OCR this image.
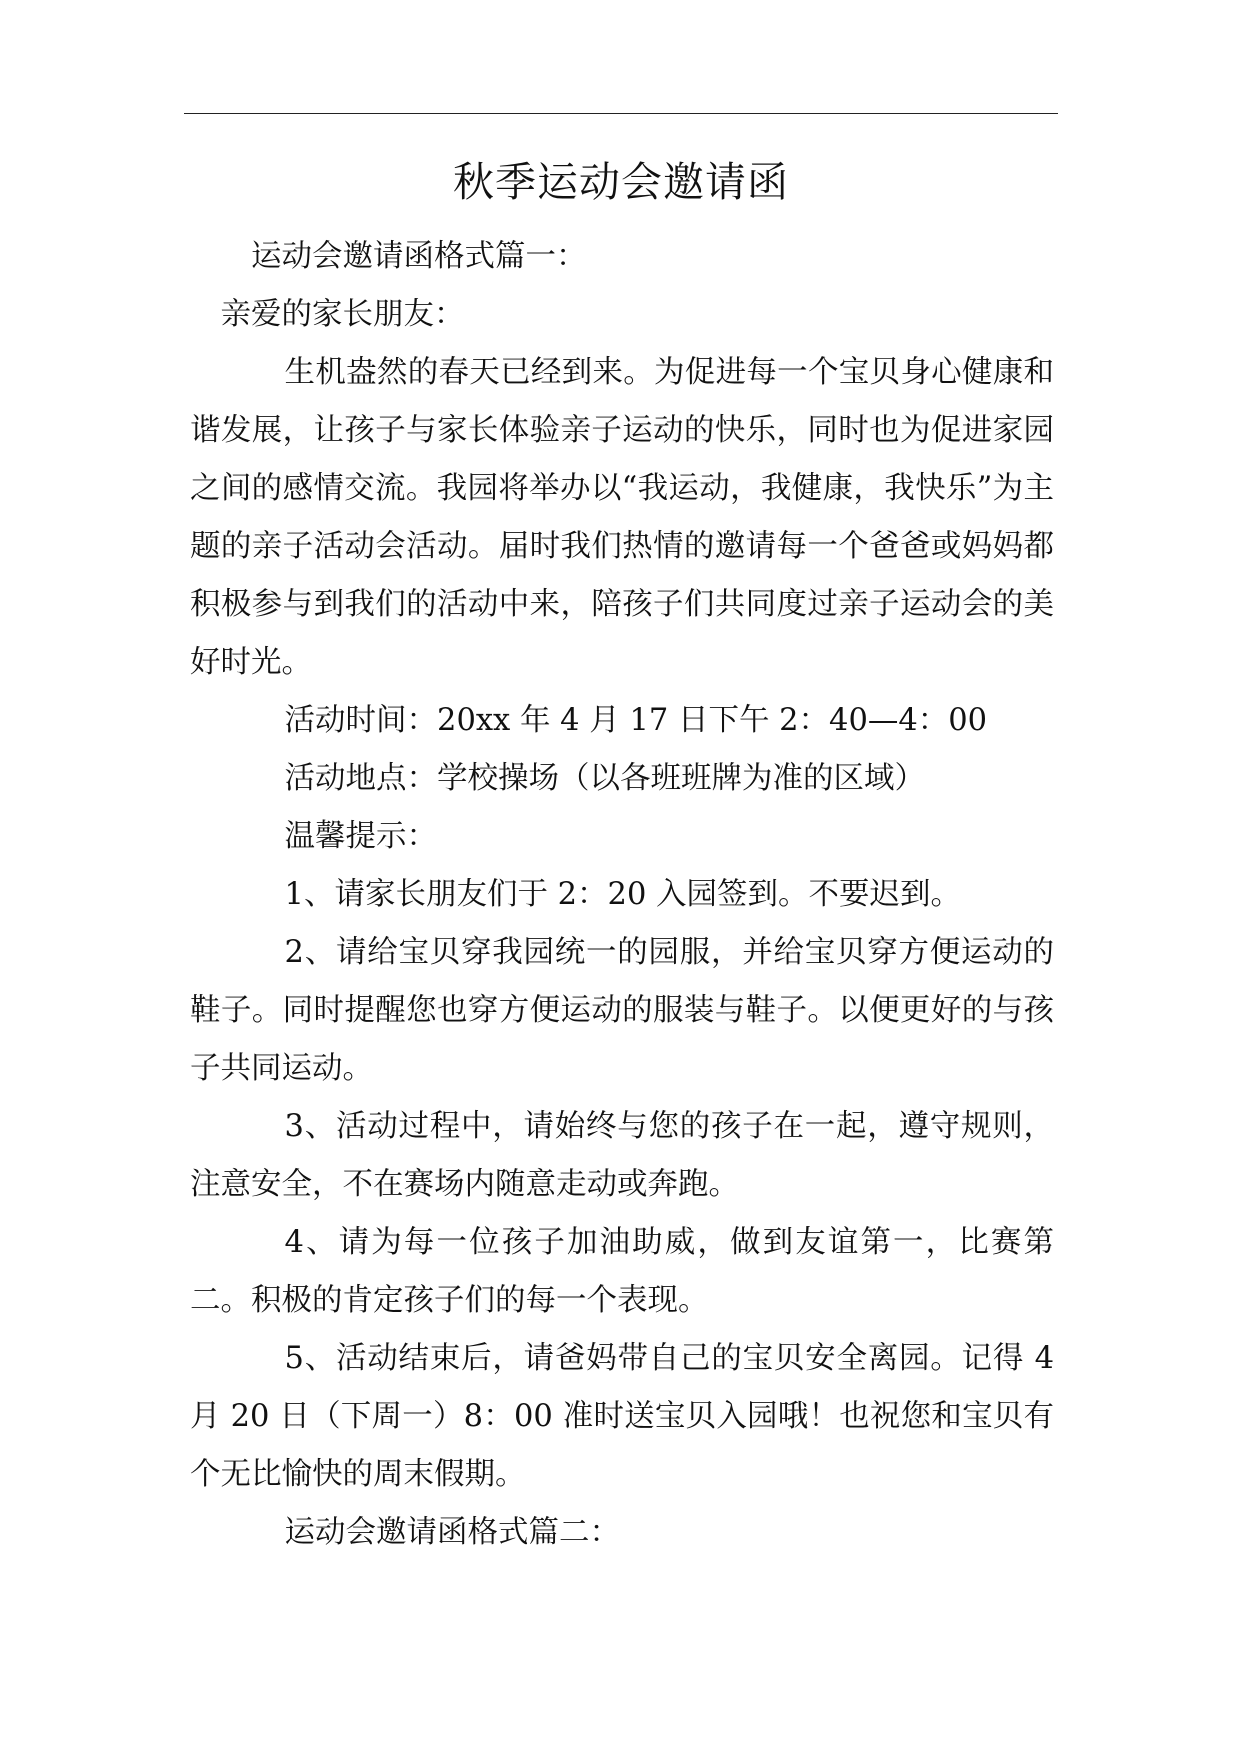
秋季运动会邀请函

运动会邀请函格式篇一：

亲爱的家长朋友：

生机盎然的春天已经到来。为促进每一个宝贝身心健康和谐发展，让孩子与家长体验亲子运动的快乐，同时也为促进家园之间的感情交流。我园将举办以“我运动，我健康，我快乐”为主题的亲子活动会活动。届时我们热情的邀请每一个爸爸或妈妈都积极参与到我们的活动中来，陪孩子们共同度过亲子运动会的美好时光。

活动时间：20xx 年 4 月 17 日下午 2：40—4：00

活动地点：学校操场（以各班班牌为准的区域）

温馨提示：

1、请家长朋友们于 2：20 入园签到。不要迟到。

2、请给宝贝穿我园统一的园服，并给宝贝穿方便运动的鞋子。同时提醒您也穿方便运动的服装与鞋子。以便更好的与孩子共同运动。

3、活动过程中，请始终与您的孩子在一起，遵守规则，注意安全，不在赛场内随意走动或奔跑。

4、请为每一位孩子加油助威，做到友谊第一，比赛第二。积极的肯定孩子们的每一个表现。

5、活动结束后，请爸妈带自己的宝贝安全离园。记得 4 月 20 日（下周一）8：00 准时送宝贝入园哦！也祝您和宝贝有个无比愉快的周末假期。

运动会邀请函格式篇二：
